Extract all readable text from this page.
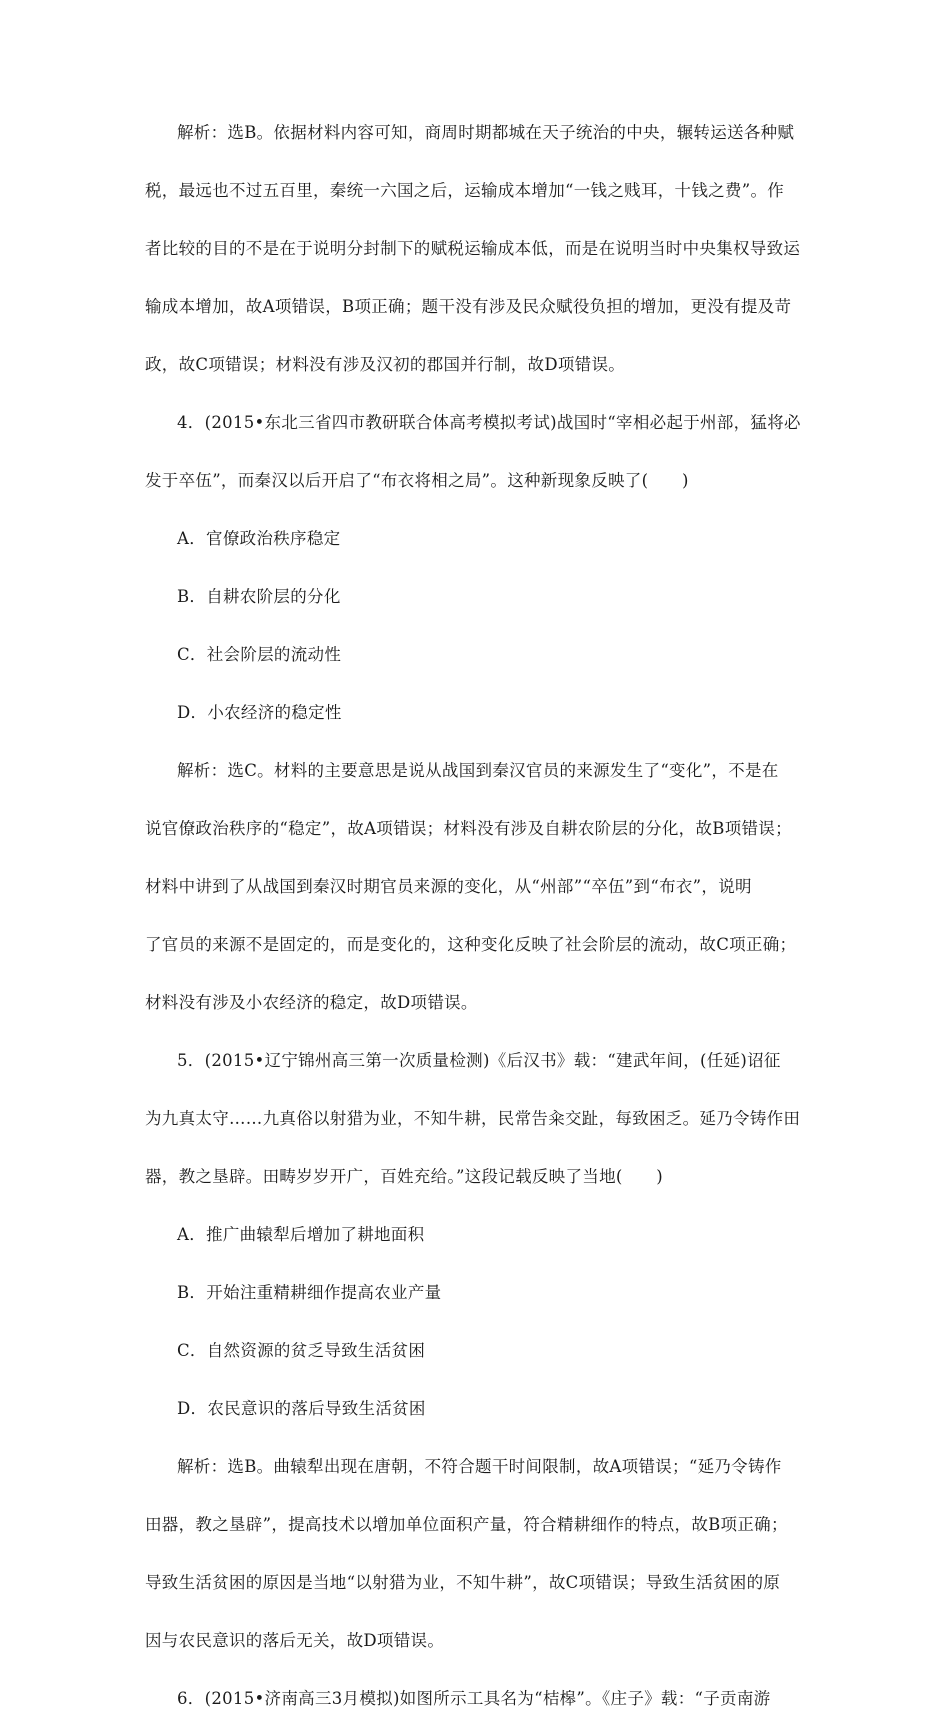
解析：选B。依据材料内容可知，商周时期都城在天子统治的中央，辗转运送各种赋
税，最远也不过五百里，秦统一六国之后，运输成本增加“一钱之贱耳，十钱之费”。作
者比较的目的不是在于说明分封制下的赋税运输成本低，而是在说明当时中央集权导致运
输成本增加，故A项错误，B项正确；题干没有涉及民众赋役负担的增加，更没有提及苛
政，故C项错误；材料没有涉及汉初的郡国并行制，故D项错误。
4．(2015•东北三省四市教研联合体高考模拟考试)战国时“宰相必起于州部，猛将必
发于卒伍”，而秦汉以后开启了“布衣将相之局”。这种新现象反映了(　　)
A．官僚政治秩序稳定
B．自耕农阶层的分化
C．社会阶层的流动性
D．小农经济的稳定性
解析：选C。材料的主要意思是说从战国到秦汉官员的来源发生了“变化”，不是在
说官僚政治秩序的“稳定”，故A项错误；材料没有涉及自耕农阶层的分化，故B项错误；
材料中讲到了从战国到秦汉时期官员来源的变化，从“州部”“卒伍”到“布衣”，说明
了官员的来源不是固定的，而是变化的，这种变化反映了社会阶层的流动，故C项正确；
材料没有涉及小农经济的稳定，故D项错误。
5．(2015•辽宁锦州高三第一次质量检测)《后汉书》载：“建武年间，(任延)诏征
为九真太守……九真俗以射猎为业，不知牛耕，民常告籴交趾，每致困乏。延乃令铸作田
器，教之垦辟。田畴岁岁开广，百姓充给。”这段记载反映了当地(　　)
A．推广曲辕犁后增加了耕地面积
B．开始注重精耕细作提高农业产量
C．自然资源的贫乏导致生活贫困
D．农民意识的落后导致生活贫困
解析：选B。曲辕犁出现在唐朝，不符合题干时间限制，故A项错误；“延乃令铸作
田器，教之垦辟”，提高技术以增加单位面积产量，符合精耕细作的特点，故B项正确；
导致生活贫困的原因是当地“以射猎为业，不知牛耕”，故C项错误；导致生活贫困的原
因与农民意识的落后无关，故D项错误。
6．(2015•济南高三3月模拟)如图所示工具名为“桔槔”。《庄子》载：“子贡南游
